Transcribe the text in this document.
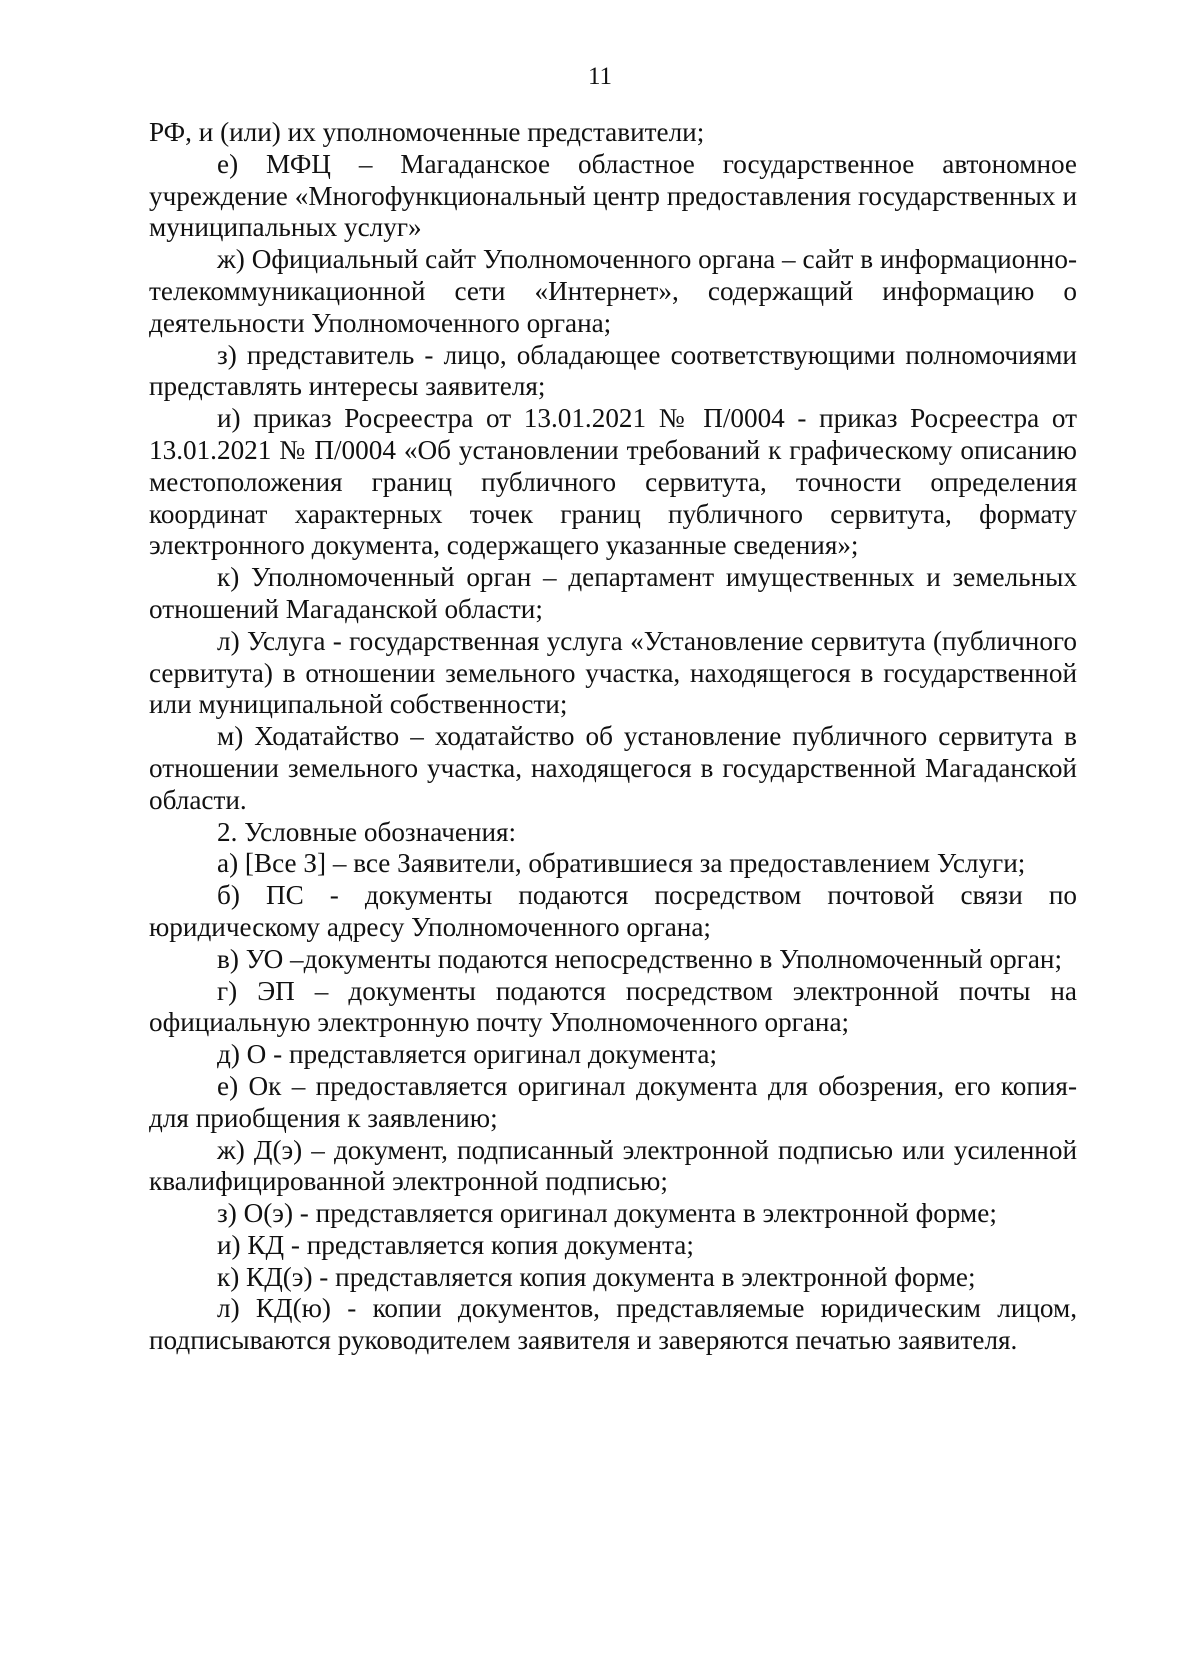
11

РФ, и (или) их уполномоченные представители;

е) МФЦ – Магаданское областное государственное автономное учреждение «Многофункциональный центр предоставления государственных и муниципальных услуг»

ж) Официальный сайт Уполномоченного органа – сайт в информационно-телекоммуникационной сети «Интернет», содержащий информацию о деятельности Уполномоченного органа;

з) представитель - лицо, обладающее соответствующими полномочиями представлять интересы заявителя;

и) приказ Росреестра от 13.01.2021 № П/0004 - приказ Росреестра от 13.01.2021 № П/0004 «Об установлении требований к графическому описанию местоположения границ публичного сервитута, точности определения координат характерных точек границ публичного сервитута, формату электронного документа, содержащего указанные сведения»;

к) Уполномоченный орган – департамент имущественных и земельных отношений Магаданской области;

л) Услуга - государственная услуга «Установление сервитута (публичного сервитута) в отношении земельного участка, находящегося в государственной или муниципальной собственности;

м) Ходатайство – ходатайство об установление публичного сервитута в отношении земельного участка, находящегося в государственной Магаданской области.

2. Условные обозначения:

а) [Все З] – все Заявители, обратившиеся за предоставлением Услуги;

б) ПС - документы подаются посредством почтовой связи по юридическому адресу Уполномоченного органа;

в) УО –документы подаются непосредственно в Уполномоченный орган;

г) ЭП – документы подаются посредством электронной почты на официальную электронную почту Уполномоченного органа;

д) О - представляется оригинал документа;

е) Ок – предоставляется оригинал документа для обозрения, его копия- для приобщения к заявлению;

ж) Д(э) – документ, подписанный электронной подписью или усиленной квалифицированной электронной подписью;

з) О(э) - представляется оригинал документа в электронной форме;

и) КД - представляется копия документа;

к) КД(э) - представляется копия документа в электронной форме;

л) КД(ю) - копии документов, представляемые юридическим лицом, подписываются руководителем заявителя и заверяются печатью заявителя.
